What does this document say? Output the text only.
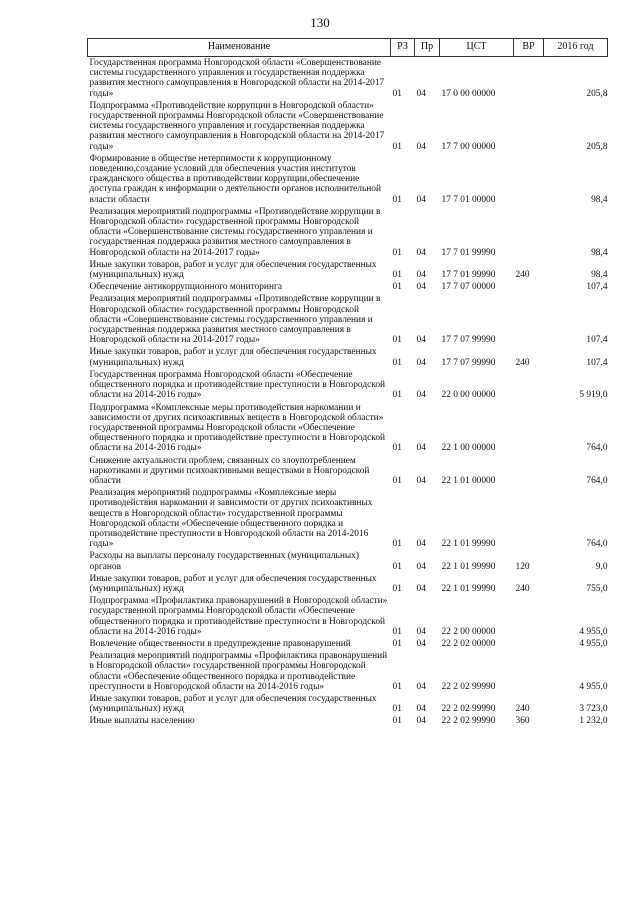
130
Наименование	РЗ	Пр	ЦСТ	ВР	2016 год
Государственная программа Новгородской области «Совершенствование системы государственного управления и государственная поддержка развития местного самоуправления в Новгородской области на 2014-2017 годы»	01	04	17 0 00 00000		205,8
Подпрограмма «Противодействие коррупции в Новгородской области» государственной программы Новгородской области «Совершенствование системы государственного управления и государственная поддержка развития местного самоуправления в Новгородской области на 2014-2017 годы»	01	04	17 7 00 00000		205,8
Формирование в обществе нетерпимости к коррупционному поведению,создание условий для обеспечения участия институтов гражданского общества в противодействии коррупции,обеспечение доступа граждан к информации о деятельности органов исполнительной власти области	01	04	17 7 01 00000		98,4
Реализация мероприятий подпрограммы «Противодействие коррупции в Новгородской области» государственной программы Новгородской области «Совершенствование системы государственного управления и государственная поддержка развития местного самоуправления в Новгородской области на 2014-2017 годы»	01	04	17 7 01 99990		98,4
Иные закупки товаров, работ и услуг для обеспечения государственных (муниципальных) нужд	01	04	17 7 01 99990	240	98,4
Обеспечение антикоррупционного мониторинга	01	04	17 7 07 00000		107,4
Реализация мероприятий подпрограммы «Противодействие коррупции в Новгородской области» государственной программы Новгородской области «Совершенствование системы государственного управления и государственная поддержка развития местного самоуправления в Новгородской области на 2014-2017 годы»	01	04	17 7 07 99990		107,4
Иные закупки товаров, работ и услуг для обеспечения государственных (муниципальных) нужд	01	04	17 7 07 99990	240	107,4
Государственная программа Новгородской области «Обеспечение общественного порядка и противодействие преступности в Новгородской области на 2014-2016 годы»	01	04	22 0 00 00000		5 919,0
Подпрограмма «Комплексные меры противодействия наркомании и зависимости от других психоактивных веществ в Новгородской области» государственной программы Новгородской области «Обеспечение общественного порядка и противодействие преступности в Новгородской области на 2014-2016 годы»	01	04	22 1 00 00000		764,0
Снижение актуальности проблем, связанных со злоупотреблением наркотиками и другими психоактивными веществами в Новгородской области	01	04	22 1 01 00000		764,0
Реализация мероприятий подпрограммы «Комплексные меры противодействия наркомании и зависимости от других психоактивных веществ в Новгородской области» государственной программы Новгородской области «Обеспечение общественного порядка и противодействие преступности в Новгородской области на 2014-2016 годы»	01	04	22 1 01 99990		764,0
Расходы на выплаты персоналу государственных (муниципальных) органов	01	04	22 1 01 99990	120	9,0
Иные закупки товаров, работ и услуг для обеспечения государственных (муниципальных) нужд	01	04	22 1 01 99990	240	755,0
Подпрограмма «Профилактика правонарушений в Новгородской области» государственной программы Новгородской области «Обеспечение общественного порядка и противодействие преступности в Новгородской области на 2014-2016 годы»	01	04	22 2 00 00000		4 955,0
Вовлечение общественности в предупреждение правонарушений	01	04	22 2 02 00000		4 955,0
Реализация мероприятий подпрограммы «Профилактика правонарушений в Новгородской области» государственной программы Новгородской области «Обеспечение общественного порядка и противодействие преступности в Новгородской области на 2014-2016 годы»	01	04	22 2 02 99990		4 955,0
Иные закупки товаров, работ и услуг для обеспечения государственных (муниципальных) нужд	01	04	22 2 02 99990	240	3 723,0
Иные выплаты населению	01	04	22 2 02 99990	360	1 232,0
